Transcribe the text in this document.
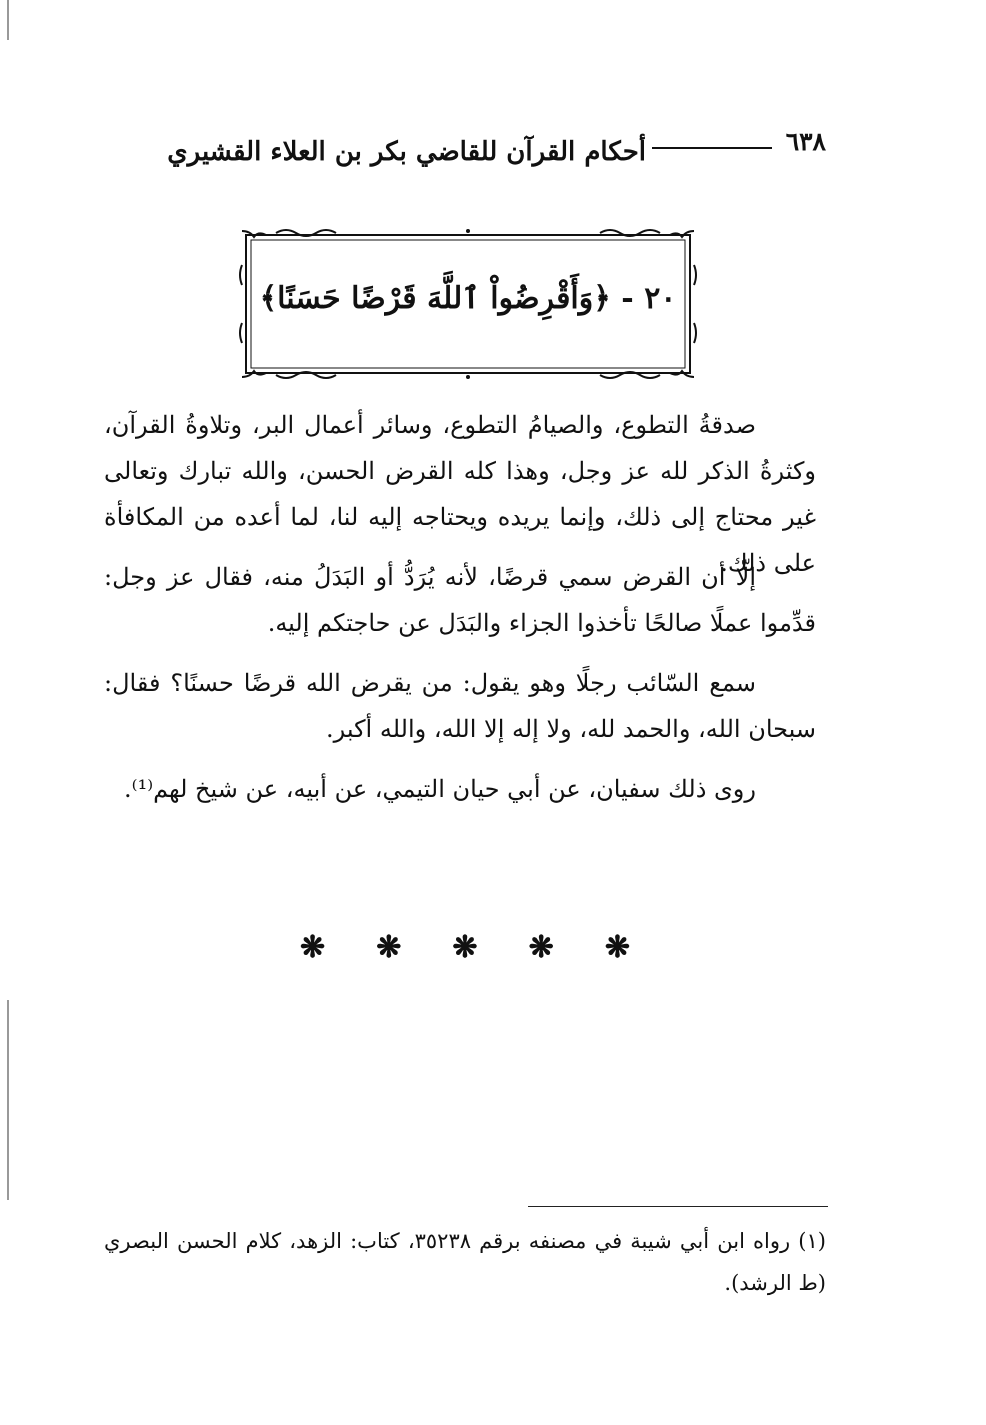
٦٣٨
أحكام القرآن للقاضي بكر بن العلاء القشيري
٢٠ - ﴿وَأَقْرِضُواْ ٱللَّهَ قَرْضًا حَسَنًا﴾
صدقةُ التطوع، والصيامُ التطوع، وسائر أعمال البر، وتلاوةُ القرآن، وكثرةُ الذكر لله عز وجل، وهذا كله القرض الحسن، والله تبارك وتعالى غير محتاج إلى ذلك، وإنما يريده ويحتاجه إليه لنا، لما أعده من المكافأة على ذلك.
إلّا أن القرض سمي قرضًا، لأنه يُرَدُّ أو البَدَلُ منه، فقال عز وجل: قدِّموا عملًا صالحًا تأخذوا الجزاء والبَدَل عن حاجتكم إليه.
سمع السّائب رجلًا وهو يقول: من يقرض الله قرضًا حسنًا؟ فقال: سبحان الله، والحمد لله، ولا إله إلا الله، والله أكبر.
روى ذلك سفيان، عن أبي حيان التيمي، عن أبيه، عن شيخ لهم⁽¹⁾.
❋ ❋ ❋ ❋ ❋
(١) رواه ابن أبي شيبة في مصنفه برقم ٣٥٢٣٨، كتاب: الزهد، كلام الحسن البصري (ط الرشد).
